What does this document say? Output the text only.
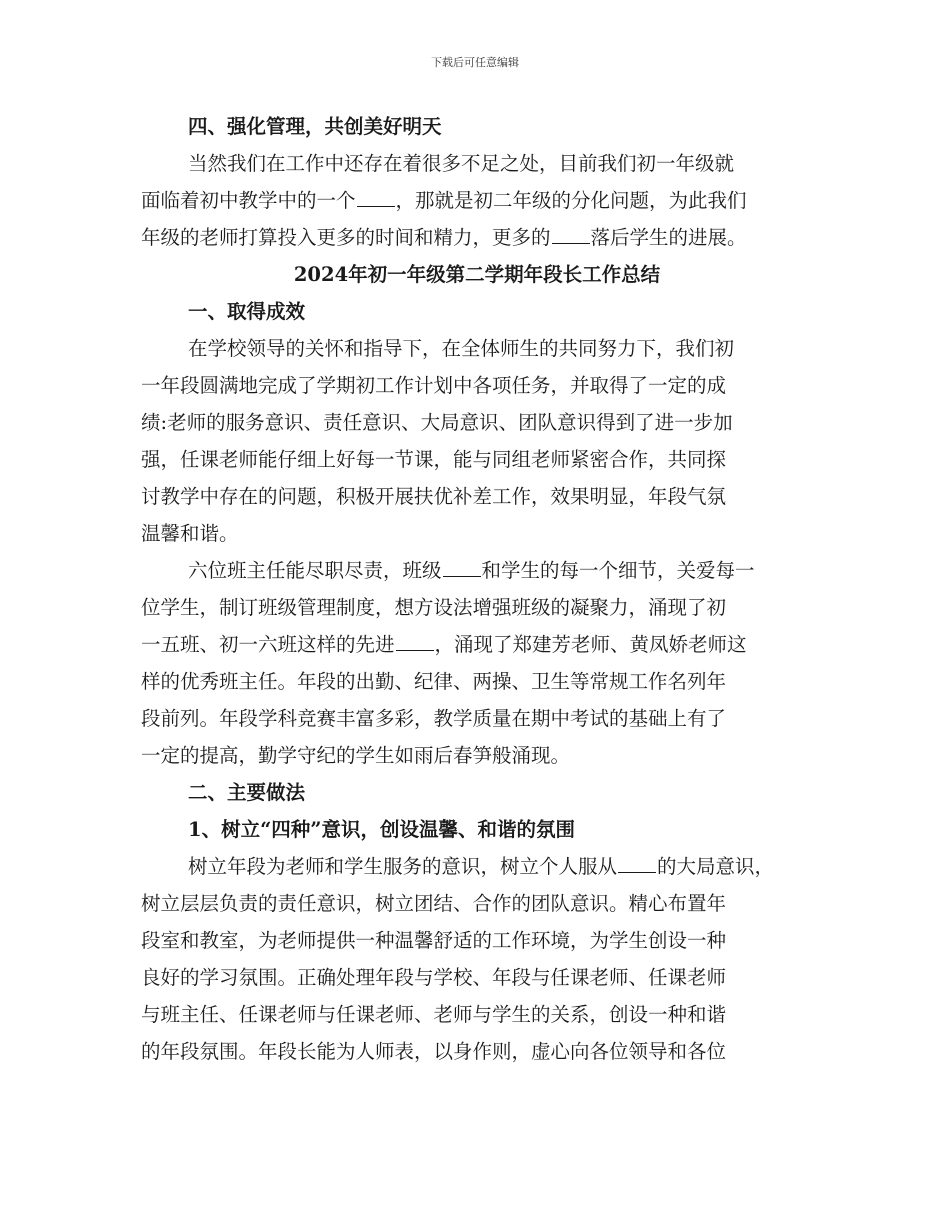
下载后可任意编辑
四、强化管理，共创美好明天
当然我们在工作中还存在着很多不足之处，目前我们初一年级就
面临着初中教学中的一个 ，那就是初二年级的分化问题，为此我们
年级的老师打算投入更多的时间和精力，更多的 落后学生的进展。
2024年初一年级第二学期年段长工作总结
一、取得成效
在学校领导的关怀和指导下，在全体师生的共同努力下，我们初
一年段圆满地完成了学期初工作计划中各项任务，并取得了一定的成
绩:老师的服务意识、责任意识、大局意识、团队意识得到了进一步加
强，任课老师能仔细上好每一节课，能与同组老师紧密合作，共同探
讨教学中存在的问题，积极开展扶优补差工作，效果明显，年段气氛
温馨和谐。
六位班主任能尽职尽责，班级 和学生的每一个细节，关爱每一
位学生，制订班级管理制度，想方设法增强班级的凝聚力，涌现了初
一五班、初一六班这样的先进 ，涌现了郑建芳老师、黄凤娇老师这
样的优秀班主任。年段的出勤、纪律、两操、卫生等常规工作名列年
段前列。年段学科竞赛丰富多彩，教学质量在期中考试的基础上有了
一定的提高，勤学守纪的学生如雨后春笋般涌现。
二、主要做法
1、树立“四种”意识，创设温馨、和谐的氛围
树立年段为老师和学生服务的意识，树立个人服从 的大局意识，
树立层层负责的责任意识，树立团结、合作的团队意识。精心布置年
段室和教室，为老师提供一种温馨舒适的工作环境，为学生创设一种
良好的学习氛围。正确处理年段与学校、年段与任课老师、任课老师
与班主任、任课老师与任课老师、老师与学生的关系，创设一种和谐
的年段氛围。年段长能为人师表，以身作则，虚心向各位领导和各位
